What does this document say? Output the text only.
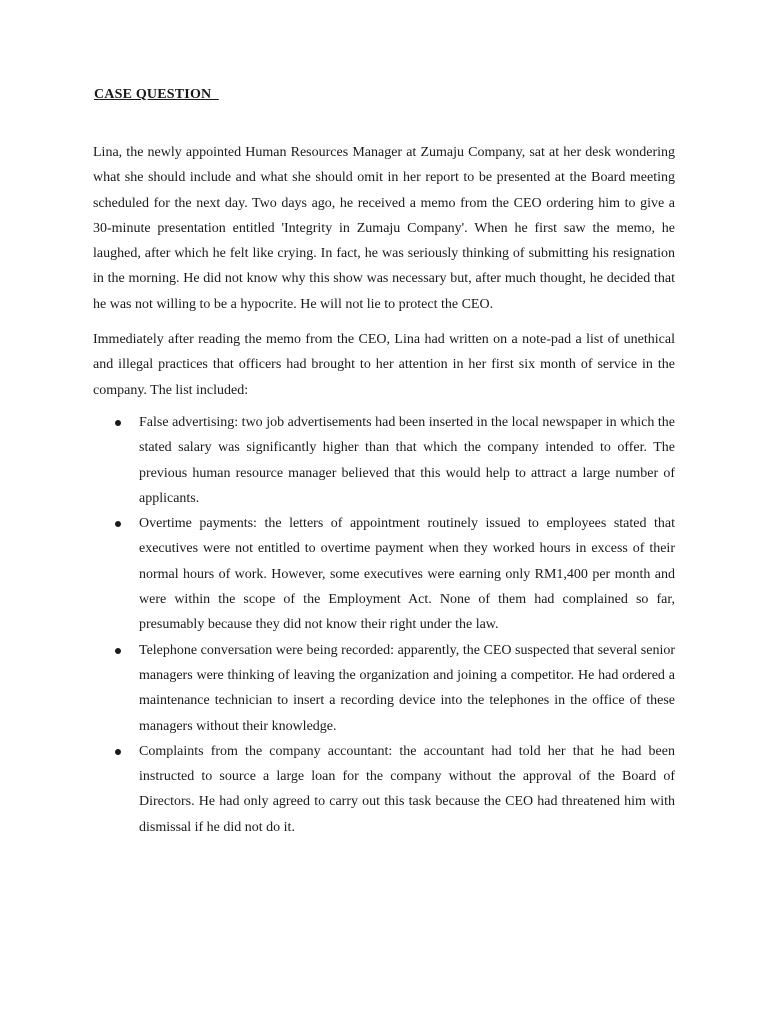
CASE QUESTION

Lina, the newly appointed Human Resources Manager at Zumaju Company, sat at her desk wondering what she should include and what she should omit in her report to be presented at the Board meeting scheduled for the next day. Two days ago, he received a memo from the CEO ordering him to give a 30-minute presentation entitled 'Integrity in Zumaju Company'. When he first saw the memo, he laughed, after which he felt like crying. In fact, he was seriously thinking of submitting his resignation in the morning. He did not know why this show was necessary but, after much thought, he decided that he was not willing to be a hypocrite. He will not lie to protect the CEO.

Immediately after reading the memo from the CEO, Lina had written on a note-pad a list of unethical and illegal practices that officers had brought to her attention in her first six month of service in the company. The list included:

False advertising: two job advertisements had been inserted in the local newspaper in which the stated salary was significantly higher than that which the company intended to offer. The previous human resource manager believed that this would help to attract a large number of applicants.
Overtime payments: the letters of appointment routinely issued to employees stated that executives were not entitled to overtime payment when they worked hours in excess of their normal hours of work. However, some executives were earning only RM1,400 per month and were within the scope of the Employment Act. None of them had complained so far, presumably because they did not know their right under the law.
Telephone conversation were being recorded: apparently, the CEO suspected that several senior managers were thinking of leaving the organization and joining a competitor. He had ordered a maintenance technician to insert a recording device into the telephones in the office of these managers without their knowledge.
Complaints from the company accountant: the accountant had told her that he had been instructed to source a large loan for the company without the approval of the Board of Directors. He had only agreed to carry out this task because the CEO had threatened him with dismissal if he did not do it.
